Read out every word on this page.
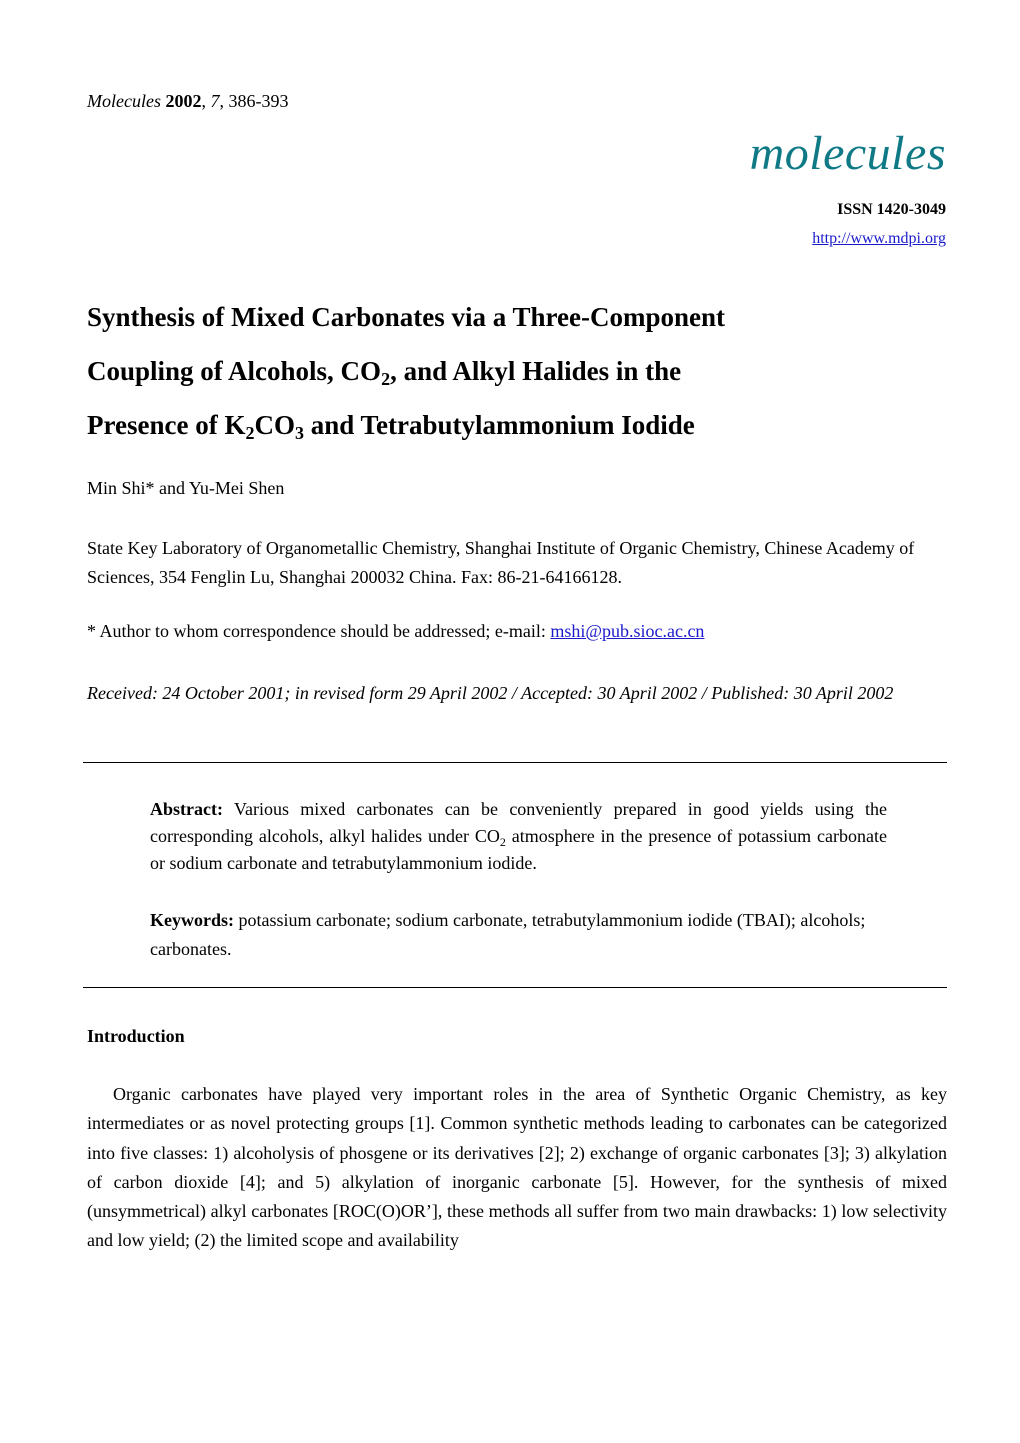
Molecules 2002, 7, 386-393
molecules
ISSN 1420-3049
http://www.mdpi.org
Synthesis of Mixed Carbonates via a Three-Component
Coupling of Alcohols, $CO_2$, and Alkyl Halides in the
Presence of $K_2CO_3$ and Tetrabutylammonium Iodide
Min Shi* and Yu-Mei Shen
State Key Laboratory of Organometallic Chemistry, Shanghai Institute of Organic Chemistry, Chinese Academy of Sciences, 354 Fenglin Lu, Shanghai 200032 China. Fax: 86-21-64166128.
* Author to whom correspondence should be addressed; e-mail: mshi@pub.sioc.ac.cn
Received: 24 October 2001; in revised form 29 April 2002 / Accepted: 30 April 2002 / Published: 30 April 2002
Abstract: Various mixed carbonates can be conveniently prepared in good yields using the corresponding alcohols, alkyl halides under $CO_2$ atmosphere in the presence of potassium carbonate or sodium carbonate and tetrabutylammonium iodide.
Keywords: potassium carbonate; sodium carbonate, tetrabutylammonium iodide (TBAI); alcohols; carbonates.
Introduction
Organic carbonates have played very important roles in the area of Synthetic Organic Chemistry, as key intermediates or as novel protecting groups [1]. Common synthetic methods leading to carbonates can be categorized into five classes: 1) alcoholysis of phosgene or its derivatives [2]; 2) exchange of organic carbonates [3]; 3) alkylation of carbon dioxide [4]; and 5) alkylation of inorganic carbonate [5]. However, for the synthesis of mixed (unsymmetrical) alkyl carbonates [ROC(O)OR’], these methods all suffer from two main drawbacks: 1) low selectivity and low yield; (2) the limited scope and availability
